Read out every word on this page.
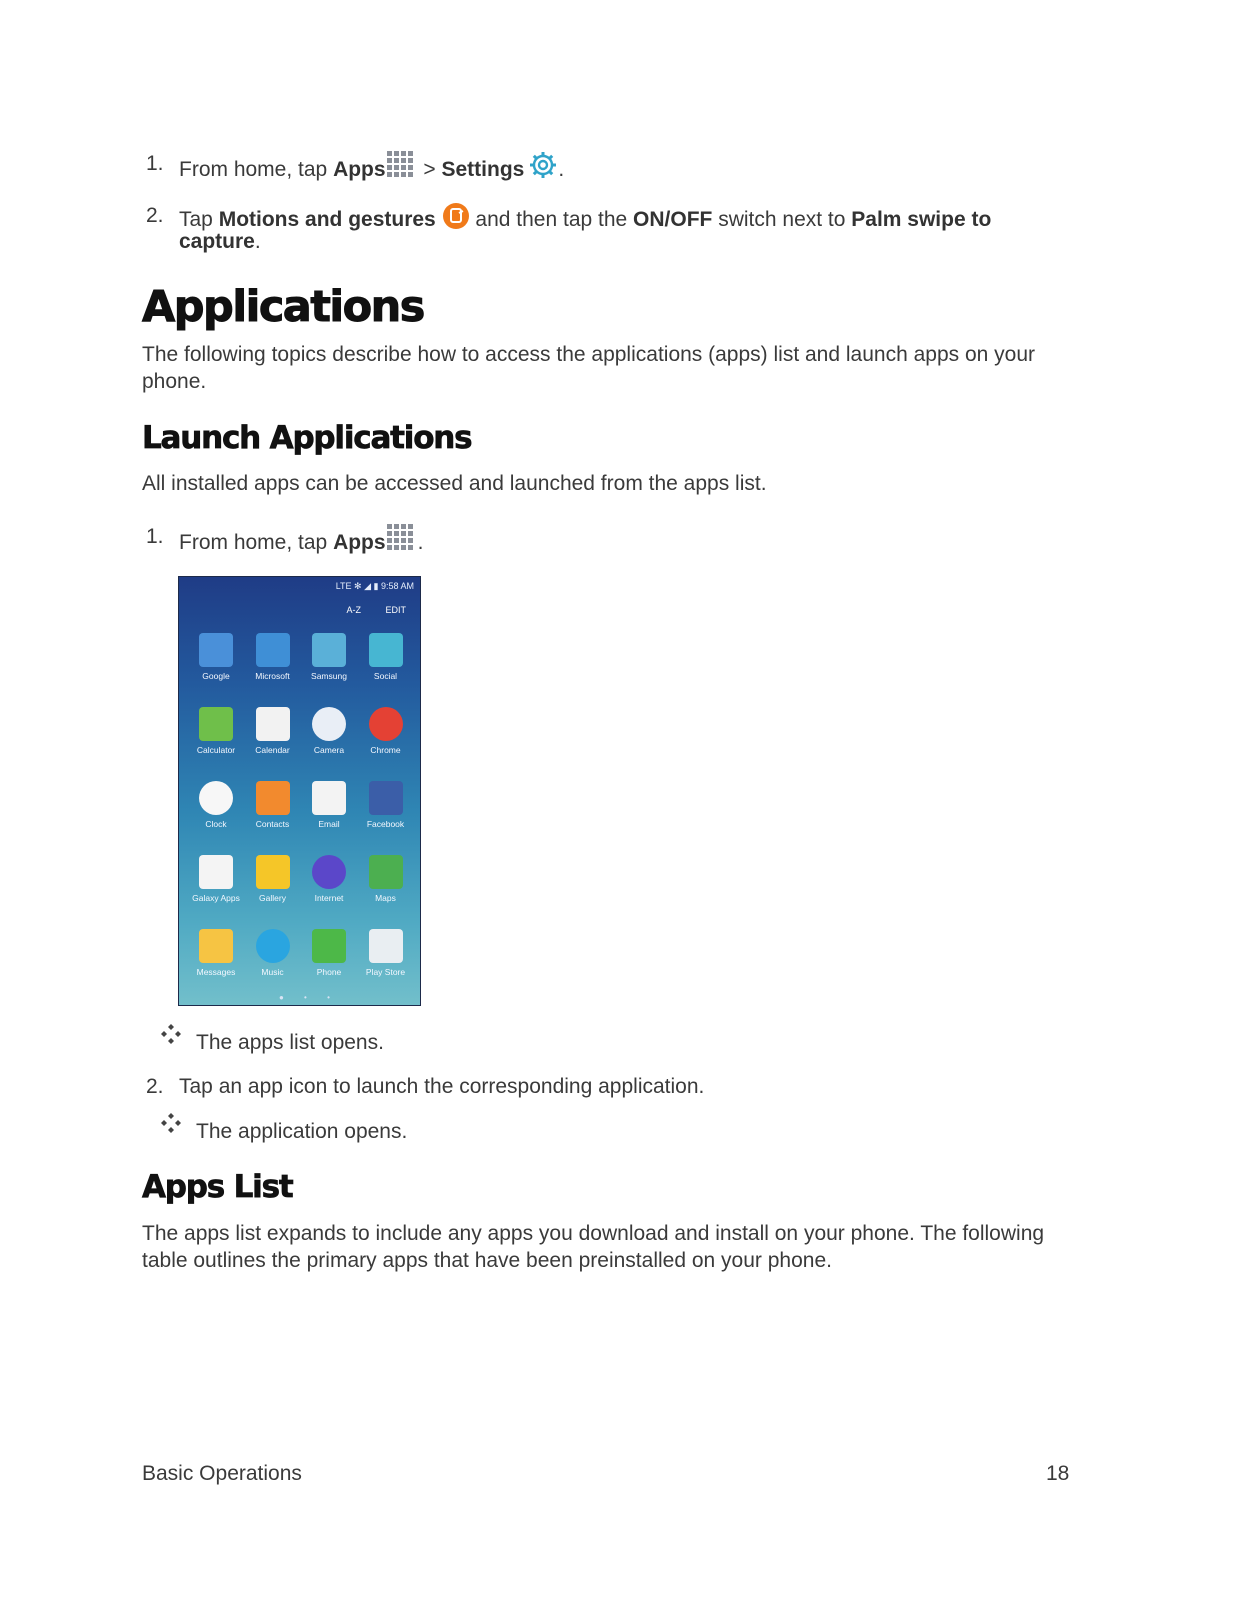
1. From home, tap Apps > Settings .
2. Tap Motions and gestures  and then tap the ON/OFF switch next to Palm swipe to
capture.
Applications
The following topics describe how to access the applications (apps) list and launch apps on your phone.
Launch Applications
All installed apps can be accessed and launched from the apps list.
1. From home, tap Apps .
LTE ✻ ◢ ▮ 9:58 AM
A-Z	EDIT
Google	Microsoft	Samsung	Social
Calculator	Calendar	Camera	Chrome
Clock	Contacts	Email	Facebook
Galaxy Apps	Gallery	Internet	Maps
Messages	Music	Phone	Play Store
● • •
The apps list opens.
2. Tap an app icon to launch the corresponding application.
The application opens.
Apps List
The apps list expands to include any apps you download and install on your phone. The following table outlines the primary apps that have been preinstalled on your phone.
Basic Operations	18
